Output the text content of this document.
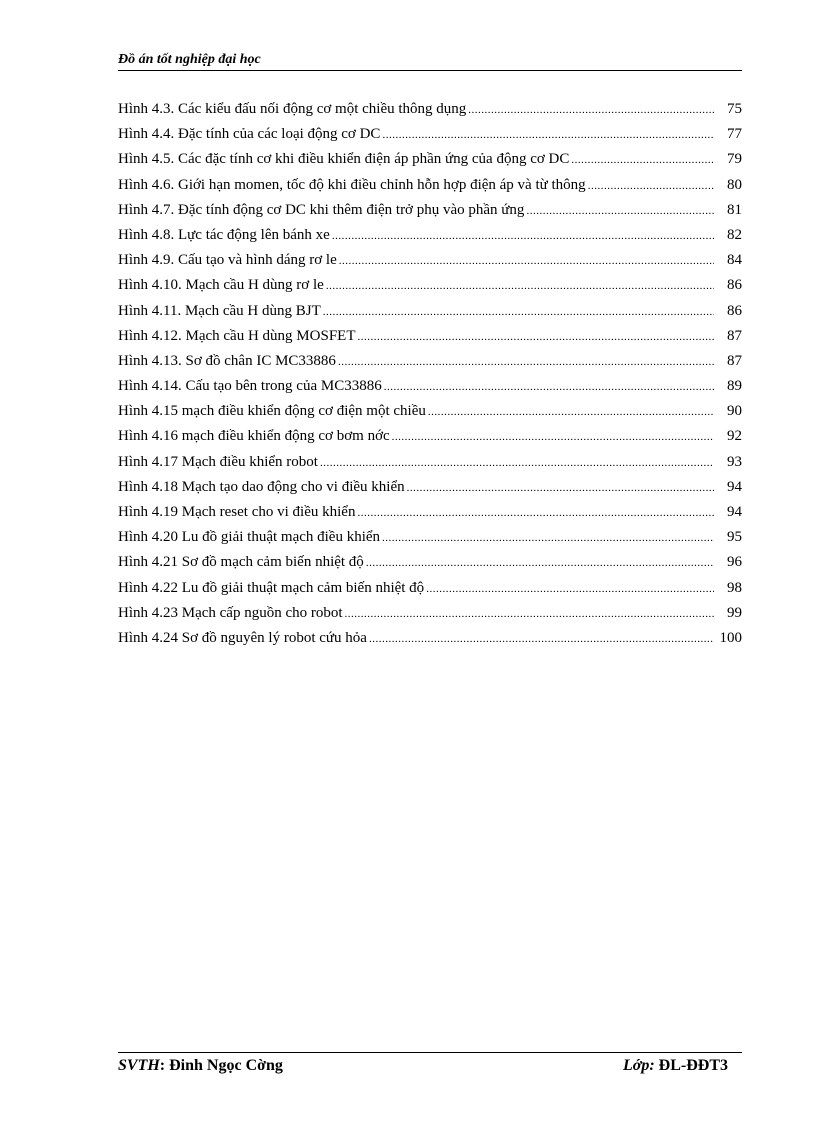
Đồ án tốt nghiệp đại học
Hình 4.3. Các kiểu đấu nối động cơ một chiều thông dụng .....	75
Hình 4.4. Đặc tính của các loại động cơ DC .....	77
Hình 4.5. Các đặc tính cơ khi điều khiển điện áp phần ứng của động cơ DC .....	79
Hình 4.6. Giới hạn momen, tốc độ khi điều chỉnh hỗn hợp điện áp và từ thông .....	80
Hình 4.7. Đặc tính động cơ DC khi thêm điện trở phụ vào phần ứng .....	81
Hình 4.8. Lực tác động lên bánh xe .....	82
Hình 4.9. Cấu tạo và hình dáng rơ le .....	84
Hình 4.10. Mạch cầu H dùng rơ le .....	86
Hình 4.11. Mạch cầu H dùng BJT .....	86
Hình 4.12. Mạch cầu H dùng MOSFET .....	87
Hình 4.13. Sơ đồ chân IC MC33886 .....	87
Hình 4.14. Cấu tạo bên trong của MC33886 .....	89
Hình 4.15 mạch điều khiển động cơ điện một chiều .....	90
Hình 4.16 mạch điều khiển động cơ bơm nớc .....	92
Hình 4.17 Mạch điều khiển robot .....	93
Hình 4.18 Mạch tạo dao động cho vi điều khiển .....	94
Hình 4.19 Mạch reset cho vi điều khiển .....	94
Hình 4.20 Lu đồ giải thuật mạch điều khiển .....	95
Hình 4.21 Sơ đồ mạch cảm biến nhiệt độ .....	96
Hình 4.22 Lu đồ giải thuật mạch cảm biến nhiệt độ .....	98
Hình 4.23 Mạch cấp nguồn cho robot .....	99
Hình 4.24 Sơ đồ nguyên lý robot cứu hỏa .....	100
SVTH: Đinh Ngọc Cờng	Lớp: ĐL-ĐĐT3
